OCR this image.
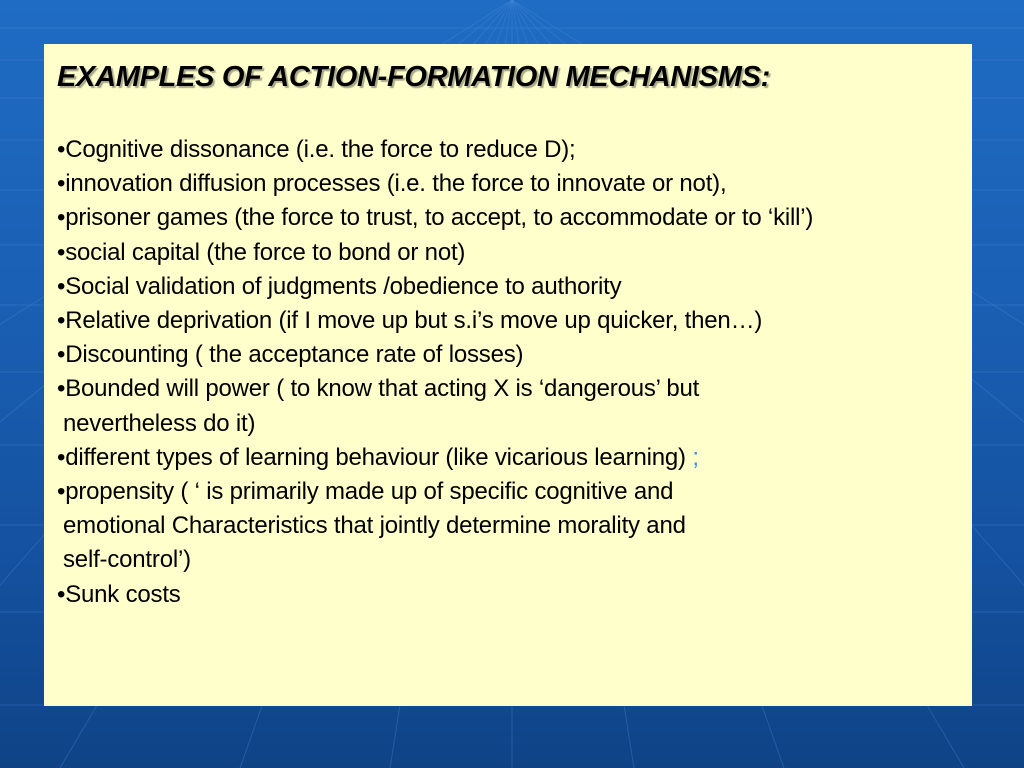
EXAMPLES OF ACTION-FORMATION MECHANISMS:
•Cognitive dissonance (i.e. the force to reduce D);
•innovation diffusion processes (i.e. the force to innovate or not),
•prisoner games (the force to trust, to accept, to accommodate or to ‘kill’)
•social capital (the force to bond or not)
•Social validation of judgments /obedience to authority
•Relative deprivation (if I move up but s.i’s move up quicker, then…)
•Discounting ( the acceptance rate of losses)
•Bounded will power ( to know that acting X is ‘dangerous’ but
nevertheless do it)
•different types of learning behaviour (like vicarious learning) ;
•propensity ( ‘ is primarily made up of specific cognitive and
emotional Characteristics that jointly determine morality and
self-control’)
•Sunk costs
